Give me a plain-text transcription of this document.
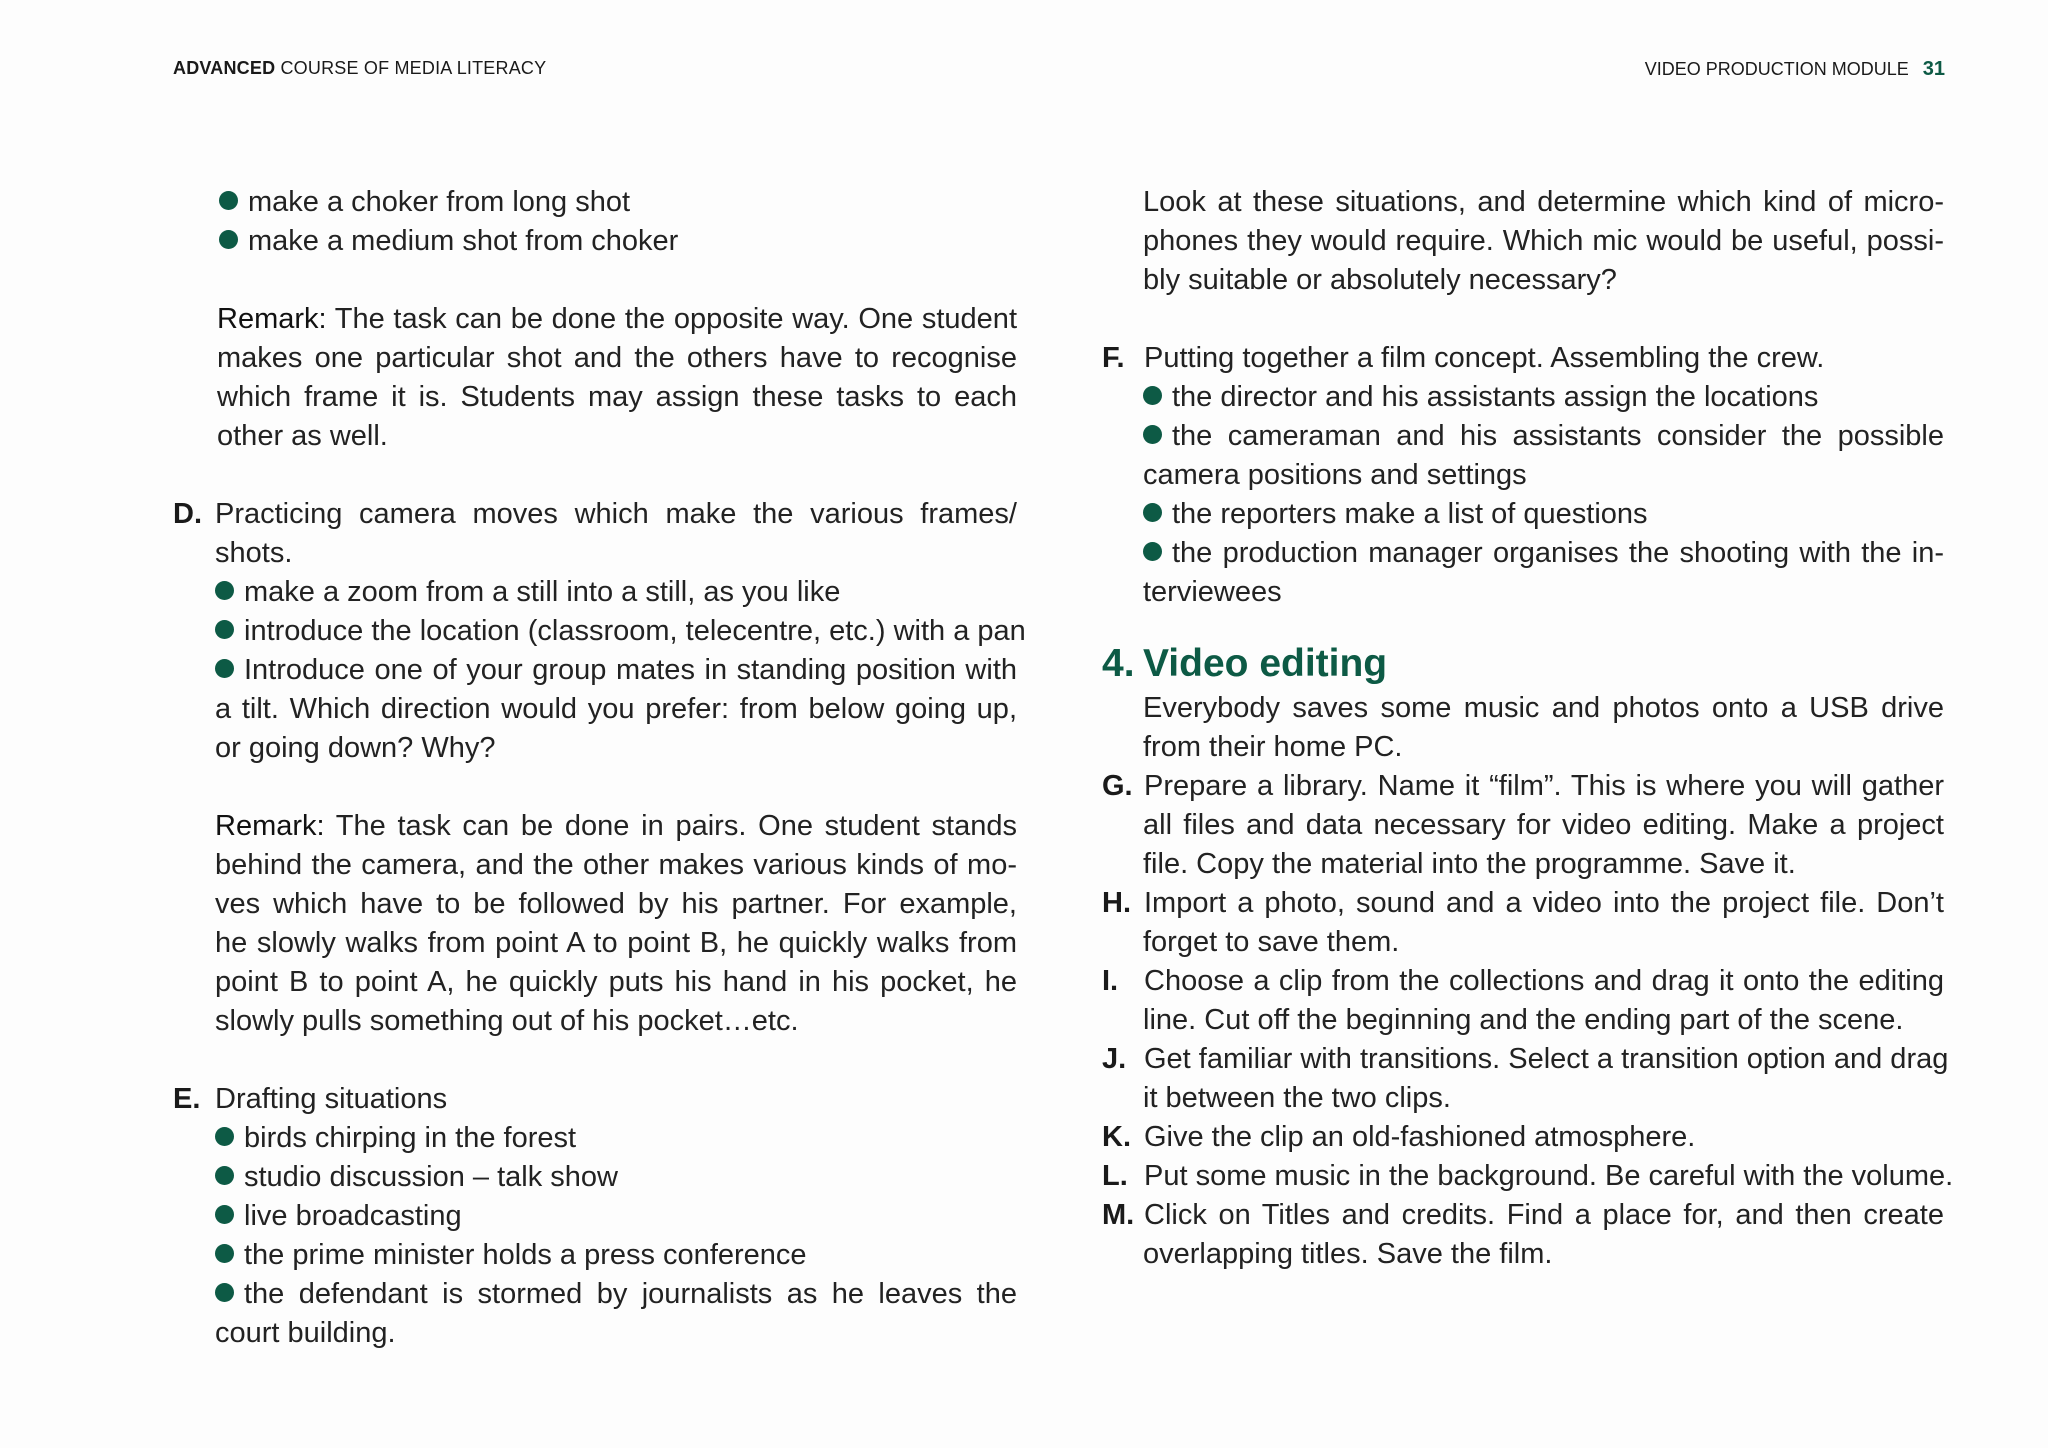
ADVANCED COURSE OF MEDIA LITERACY	VIDEO PRODUCTION MODULE 31
make a choker from long shot
make a medium shot from choker
Remark: The task can be done the opposite way. One student
makes one particular shot and the others have to recognise
which frame it is. Students may assign these tasks to each
other as well.
D. Practicing camera moves which make the various frames/
shots.
make a zoom from a still into a still, as you like
introduce the location (classroom, telecentre, etc.) with a pan
Introduce one of your group mates in standing position with
a tilt. Which direction would you prefer: from below going up,
or going down? Why?
Remark: The task can be done in pairs. One student stands
behind the camera, and the other makes various kinds of mo-
ves which have to be followed by his partner. For example,
he slowly walks from point A to point B, he quickly walks from
point B to point A, he quickly puts his hand in his pocket, he
slowly pulls something out of his pocket…etc.
E. Drafting situations
birds chirping in the forest
studio discussion – talk show
live broadcasting
the prime minister holds a press conference
the defendant is stormed by journalists as he leaves the
court building.
Look at these situations, and determine which kind of micro-
phones they would require. Which mic would be useful, possi-
bly suitable or absolutely necessary?
F. Putting together a film concept. Assembling the crew.
the director and his assistants assign the locations
the cameraman and his assistants consider the possible
camera positions and settings
the reporters make a list of questions
the production manager organises the shooting with the in-
terviewees
4. Video editing
Everybody saves some music and photos onto a USB drive
from their home PC.
G. Prepare a library. Name it “film”. This is where you will gather
all files and data necessary for video editing. Make a project
file. Copy the material into the programme. Save it.
H. Import a photo, sound and a video into the project file. Don’t
forget to save them.
I. Choose a clip from the collections and drag it onto the editing
line. Cut off the beginning and the ending part of the scene.
J. Get familiar with transitions. Select a transition option and drag
it between the two clips.
K. Give the clip an old-fashioned atmosphere.
L. Put some music in the background. Be careful with the volume.
M. Click on Titles and credits. Find a place for, and then create
overlapping titles. Save the film.
